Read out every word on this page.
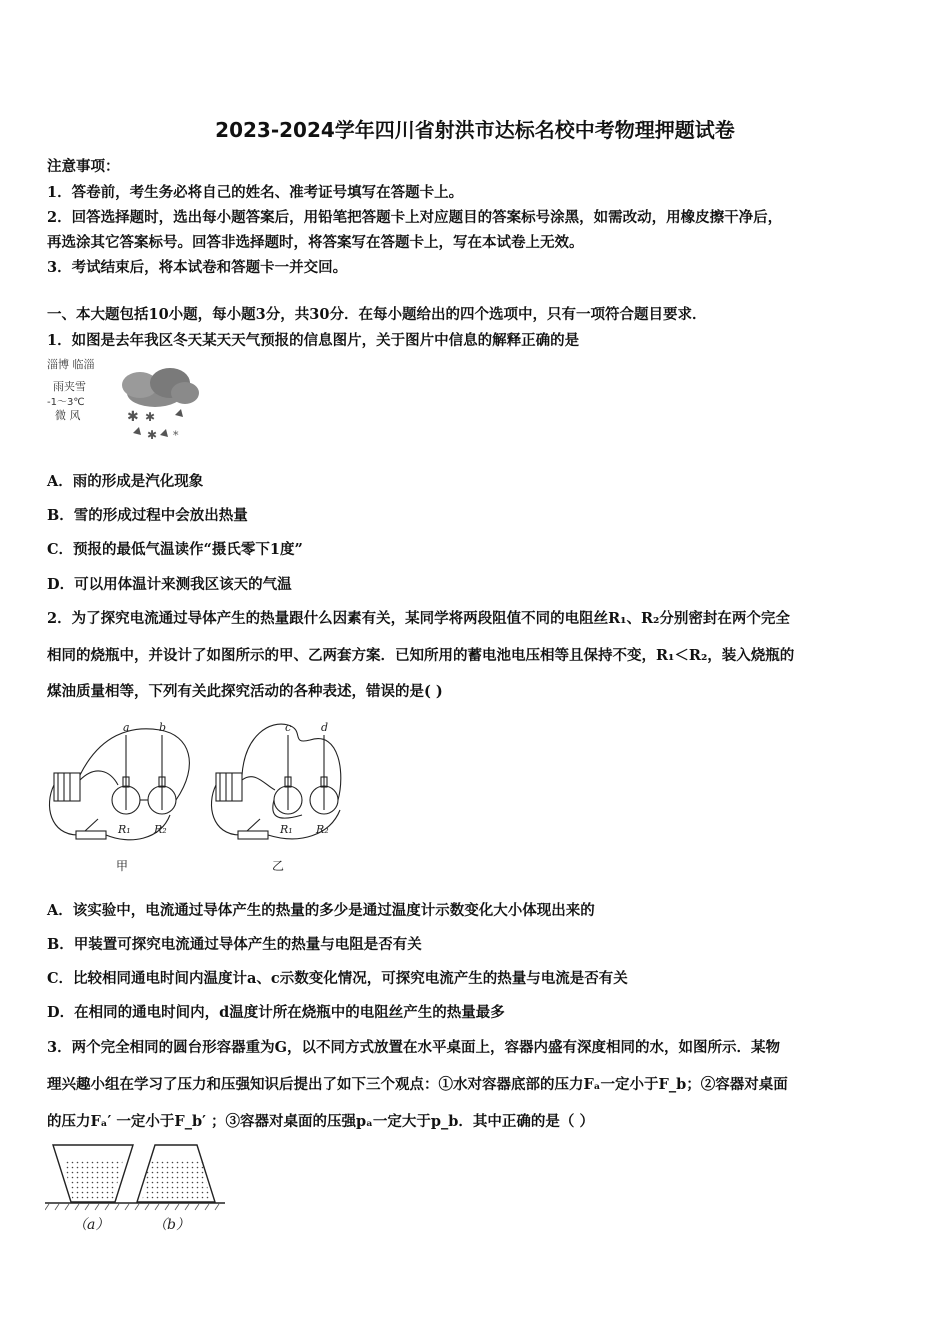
2023-2024学年四川省射洪市达标名校中考物理押题试卷
注意事项：
1．答卷前，考生务必将自己的姓名、准考证号填写在答题卡上。
2．回答选择题时，选出每小题答案后，用铅笔把答题卡上对应题目的答案标号涂黑，如需改动，用橡皮擦干净后，
再选涂其它答案标号。回答非选择题时，将答案写在答题卡上，写在本试卷上无效。
3．考试结束后，将本试卷和答题卡一并交回。
一、本大题包括10小题，每小题3分，共30分．在每小题给出的四个选项中，只有一项符合题目要求．
1．如图是去年我区冬天某天天气预报的信息图片，关于图片中信息的解释正确的是
淄博 临淄
雨夹雪
-1～3℃
微 风	✱ ✱
✱ *
A．雨的形成是汽化现象
B．雪的形成过程中会放出热量
C．预报的最低气温读作“摄氏零下1度”
D．可以用体温计来测我区该天的气温
2．为了探究电流通过导体产生的热量跟什么因素有关，某同学将两段阻值不同的电阻丝R₁、R₂分别密封在两个完全
相同的烧瓶中，并设计了如图所示的甲、乙两套方案．已知所用的蓄电池电压相等且保持不变，R₁＜R₂，装入烧瓶的
煤油质量相等，下列有关此探究活动的各种表述，错误的是( )
a	b
R₁ R₂
c	d
R₁ R₂
甲	乙
A．该实验中，电流通过导体产生的热量的多少是通过温度计示数变化大小体现出来的
B．甲装置可探究电流通过导体产生的热量与电阻是否有关
C．比较相同通电时间内温度计a、c示数变化情况，可探究电流产生的热量与电流是否有关
D．在相同的通电时间内，d温度计所在烧瓶中的电阻丝产生的热量最多
3．两个完全相同的圆台形容器重为G，以不同方式放置在水平桌面上，容器内盛有深度相同的水，如图所示．某物
理兴趣小组在学习了压力和压强知识后提出了如下三个观点：①水对容器底部的压力Fₐ一定小于F_b；②容器对桌面
的压力Fₐ′ 一定小于F_b′ ；③容器对桌面的压强pₐ一定大于p_b．其中正确的是（ ）
（a）	（b）
